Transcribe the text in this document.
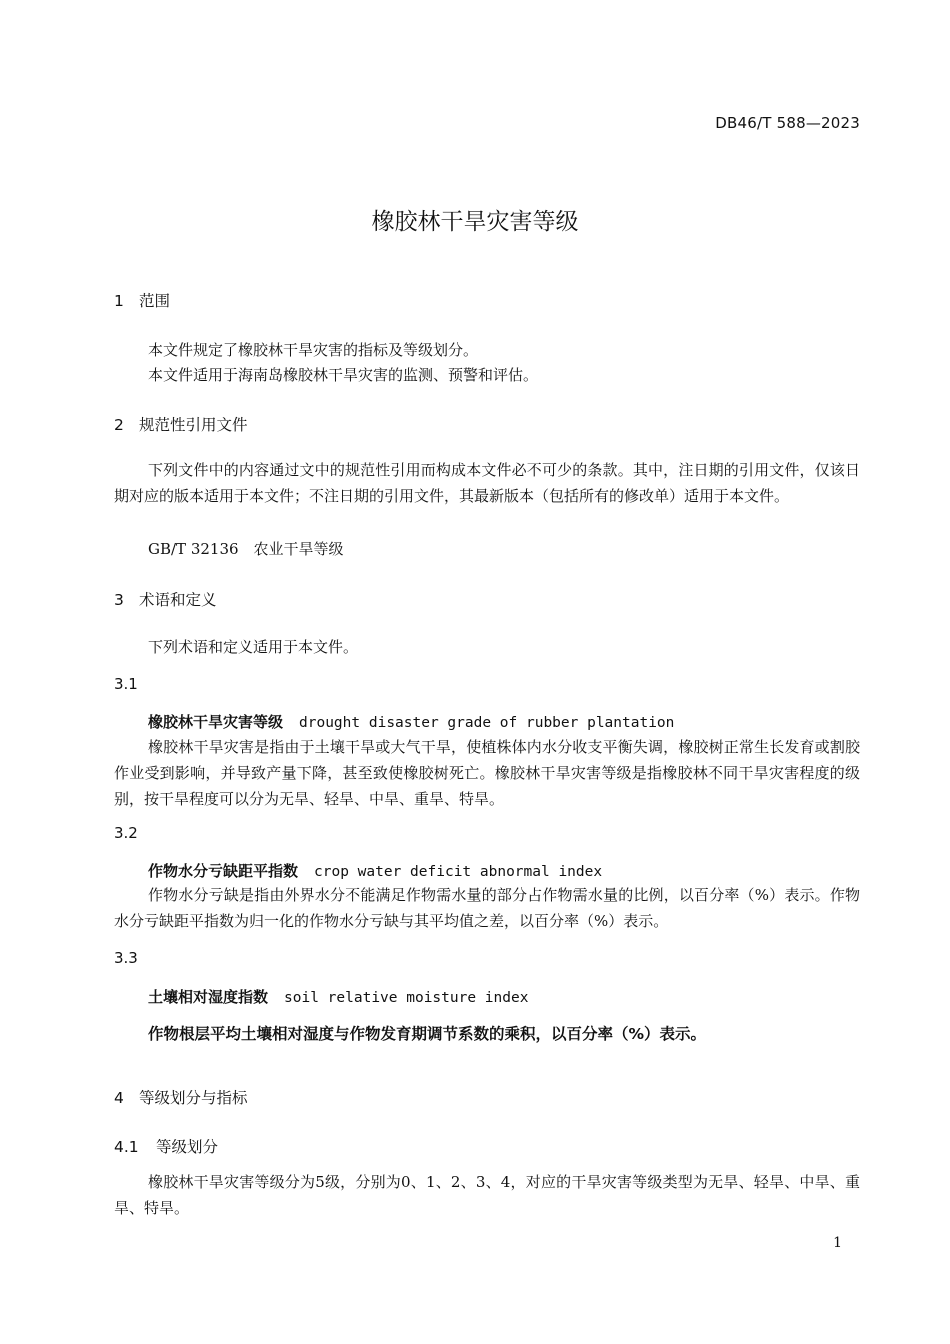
DB46/T 588—2023
橡胶林干旱灾害等级
1 范围
本文件规定了橡胶林干旱灾害的指标及等级划分。
本文件适用于海南岛橡胶林干旱灾害的监测、预警和评估。
2 规范性引用文件
下列文件中的内容通过文中的规范性引用而构成本文件必不可少的条款。其中，注日期的引用文件，仅该日期对应的版本适用于本文件；不注日期的引用文件，其最新版本（包括所有的修改单）适用于本文件。
GB/T 32136　农业干旱等级
3 术语和定义
下列术语和定义适用于本文件。
3.1
橡胶林干旱灾害等级 drought disaster grade of rubber plantation
橡胶林干旱灾害是指由于土壤干旱或大气干旱，使植株体内水分收支平衡失调，橡胶树正常生长发育或割胶作业受到影响，并导致产量下降，甚至致使橡胶树死亡。橡胶林干旱灾害等级是指橡胶林不同干旱灾害程度的级别，按干旱程度可以分为无旱、轻旱、中旱、重旱、特旱。
3.2
作物水分亏缺距平指数 crop water deficit abnormal index
作物水分亏缺是指由外界水分不能满足作物需水量的部分占作物需水量的比例，以百分率（%）表示。作物水分亏缺距平指数为归一化的作物水分亏缺与其平均值之差，以百分率（%）表示。
3.3
土壤相对湿度指数 soil relative moisture index
作物根层平均土壤相对湿度与作物发育期调节系数的乘积，以百分率（%）表示。
4 等级划分与指标
4.1 等级划分
橡胶林干旱灾害等级分为5级，分别为0、1、2、3、4，对应的干旱灾害等级类型为无旱、轻旱、中旱、重旱、特旱。
1
